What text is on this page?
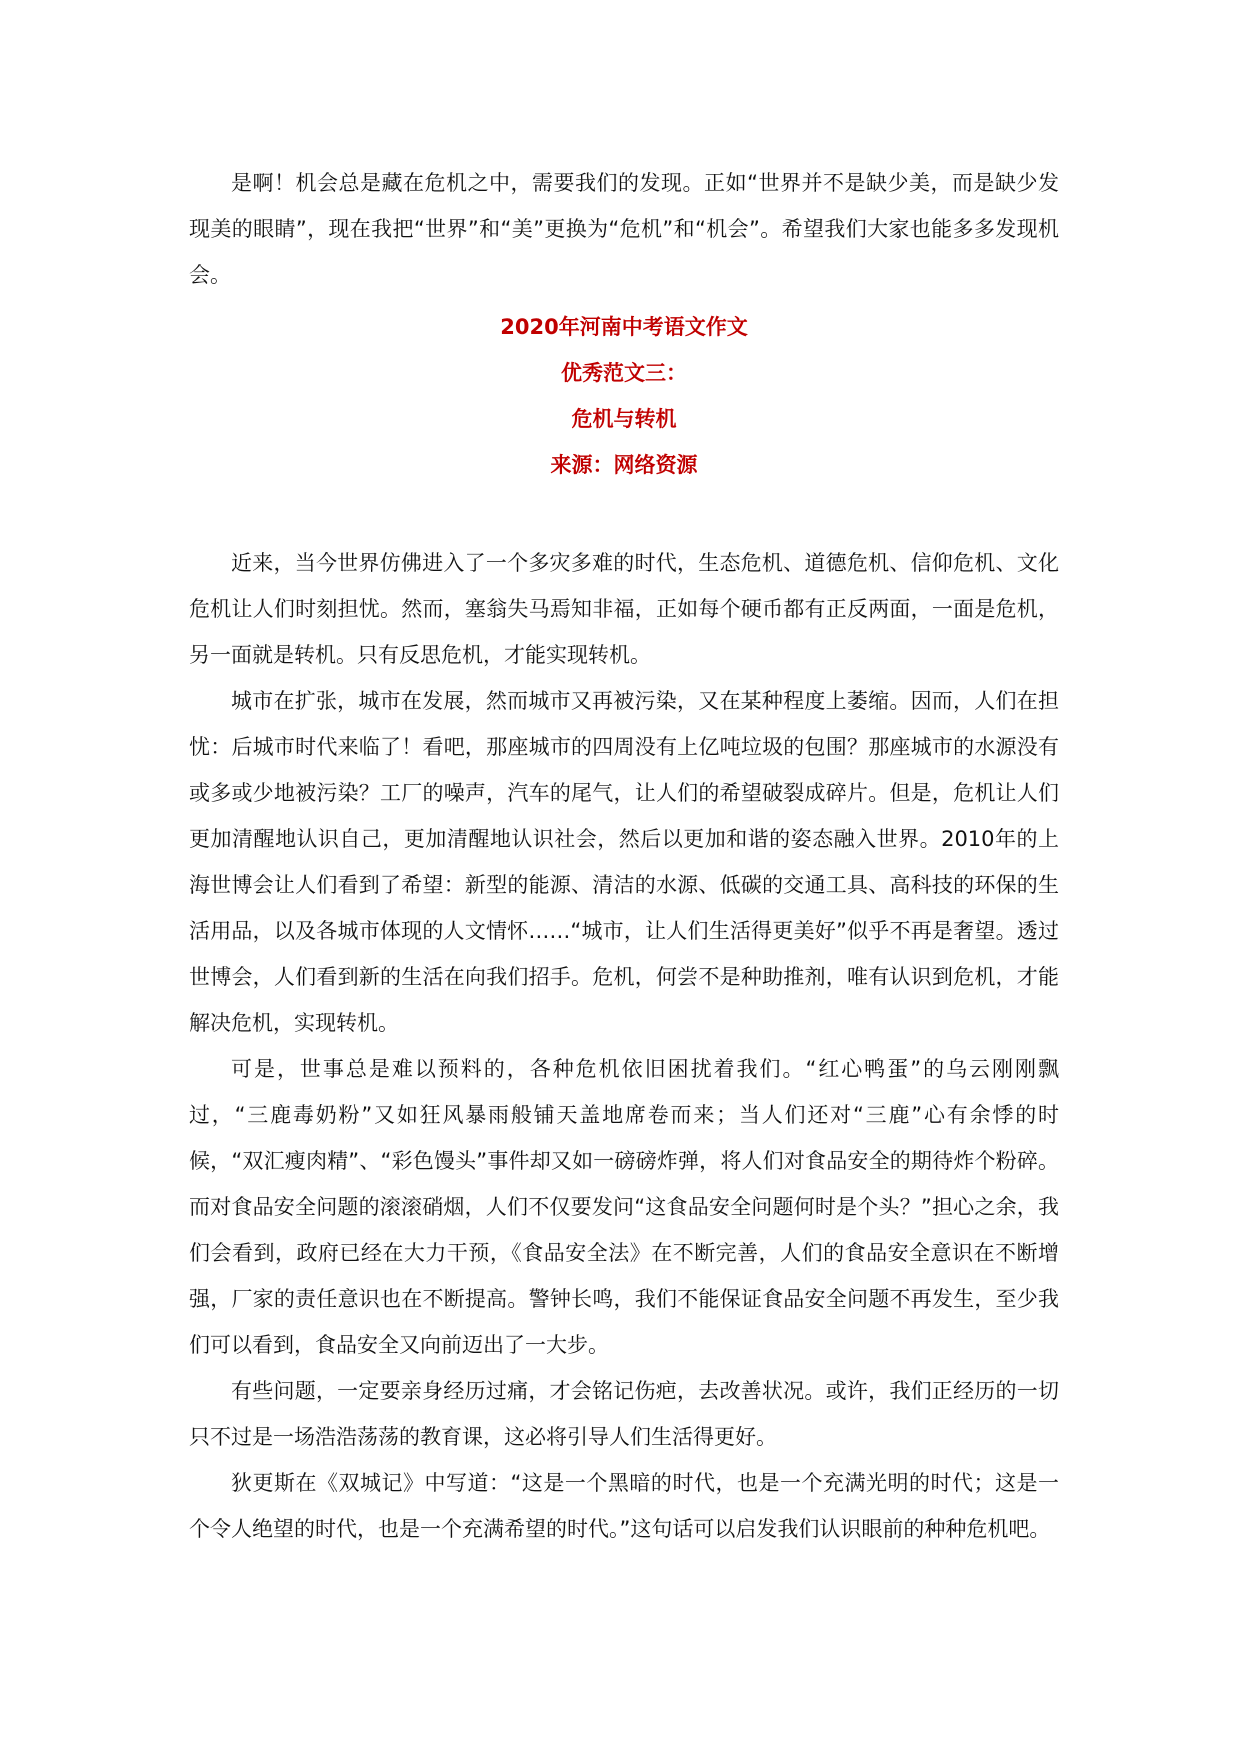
是啊！机会总是藏在危机之中，需要我们的发现。正如“世界并不是缺少美，而是缺少发现美的眼睛”，现在我把“世界”和“美”更换为“危机”和“机会”。希望我们大家也能多多发现机会。

2020年河南中考语文作文

优秀范文三：

危机与转机

来源：网络资源

近来，当今世界仿佛进入了一个多灾多难的时代，生态危机、道德危机、信仰危机、文化危机让人们时刻担忧。然而，塞翁失马焉知非福，正如每个硬币都有正反两面，一面是危机，另一面就是转机。只有反思危机，才能实现转机。

城市在扩张，城市在发展，然而城市又再被污染，又在某种程度上萎缩。因而，人们在担忧：后城市时代来临了！看吧，那座城市的四周没有上亿吨垃圾的包围？那座城市的水源没有或多或少地被污染？工厂的噪声，汽车的尾气，让人们的希望破裂成碎片。但是，危机让人们更加清醒地认识自己，更加清醒地认识社会，然后以更加和谐的姿态融入世界。2010年的上海世博会让人们看到了希望：新型的能源、清洁的水源、低碳的交通工具、高科技的环保的生活用品，以及各城市体现的人文情怀……“城市，让人们生活得更美好”似乎不再是奢望。透过世博会，人们看到新的生活在向我们招手。危机，何尝不是种助推剂，唯有认识到危机，才能解决危机，实现转机。

可是，世事总是难以预料的，各种危机依旧困扰着我们。“红心鸭蛋”的乌云刚刚飘过，“三鹿毒奶粉”又如狂风暴雨般铺天盖地席卷而来；当人们还对“三鹿”心有余悸的时候，“双汇瘦肉精”、“彩色馒头”事件却又如一磅磅炸弹，将人们对食品安全的期待炸个粉碎。而对食品安全问题的滚滚硝烟，人们不仅要发问“这食品安全问题何时是个头？”担心之余，我们会看到，政府已经在大力干预，《食品安全法》在不断完善，人们的食品安全意识在不断增强，厂家的责任意识也在不断提高。警钟长鸣，我们不能保证食品安全问题不再发生，至少我们可以看到，食品安全又向前迈出了一大步。

有些问题，一定要亲身经历过痛，才会铭记伤疤，去改善状况。或许，我们正经历的一切只不过是一场浩浩荡荡的教育课，这必将引导人们生活得更好。

狄更斯在《双城记》中写道：“这是一个黑暗的时代，也是一个充满光明的时代；这是一个令人绝望的时代，也是一个充满希望的时代。”这句话可以启发我们认识眼前的种种危机吧。
